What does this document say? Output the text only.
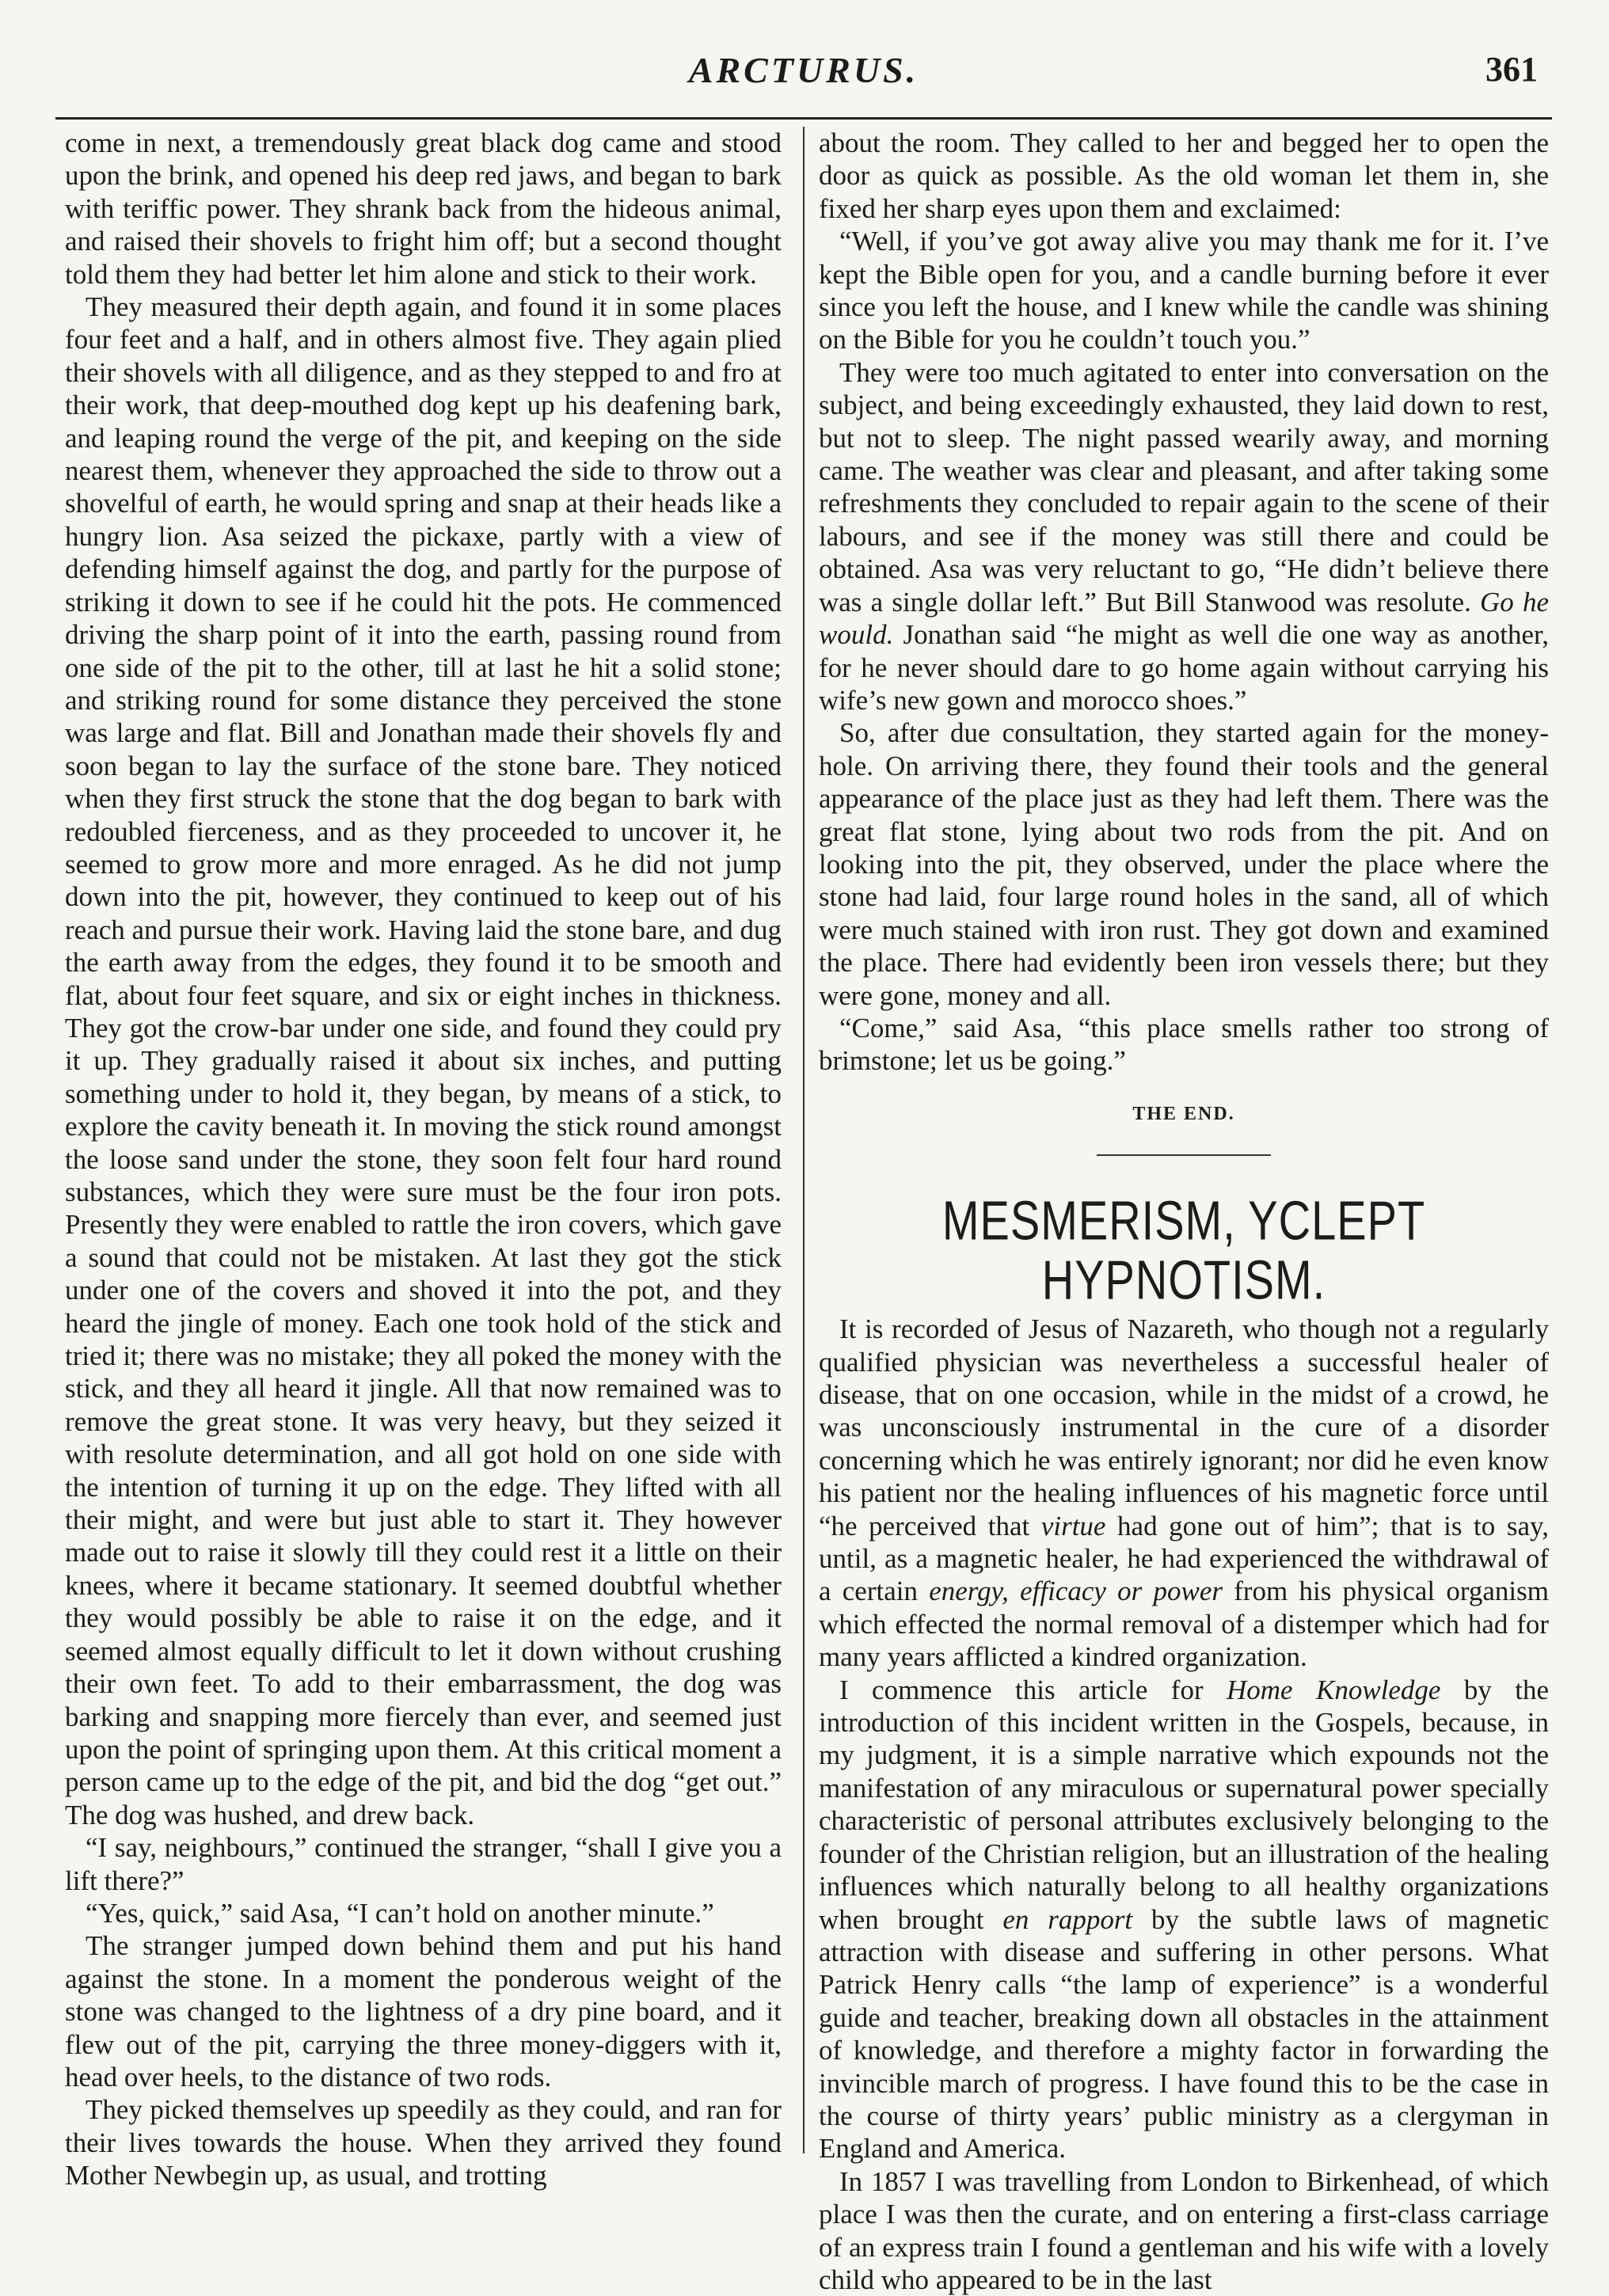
ARCTURUS.	361

come in next, a tremendously great black dog came and stood upon the brink, and opened his deep red jaws, and began to bark with teriffic power. They shrank back from the hideous animal, and raised their shovels to fright him off; but a second thought told them they had better let him alone and stick to their work.

They measured their depth again, and found it in some places four feet and a half, and in others almost five. They again plied their shovels with all diligence, and as they stepped to and fro at their work, that deep-mouthed dog kept up his deafening bark, and leaping round the verge of the pit, and keeping on the side nearest them, whenever they approached the side to throw out a shovelful of earth, he would spring and snap at their heads like a hungry lion. Asa seized the pickaxe, partly with a view of defending himself against the dog, and partly for the purpose of striking it down to see if he could hit the pots. He commenced driving the sharp point of it into the earth, passing round from one side of the pit to the other, till at last he hit a solid stone; and striking round for some distance they perceived the stone was large and flat. Bill and Jonathan made their shovels fly and soon began to lay the surface of the stone bare. They noticed when they first struck the stone that the dog began to bark with redoubled fierceness, and as they proceeded to uncover it, he seemed to grow more and more enraged. As he did not jump down into the pit, however, they continued to keep out of his reach and pursue their work. Having laid the stone bare, and dug the earth away from the edges, they found it to be smooth and flat, about four feet square, and six or eight inches in thickness. They got the crow-bar under one side, and found they could pry it up. They gradually raised it about six inches, and putting something under to hold it, they began, by means of a stick, to explore the cavity beneath it. In moving the stick round amongst the loose sand under the stone, they soon felt four hard round substances, which they were sure must be the four iron pots. Presently they were enabled to rattle the iron covers, which gave a sound that could not be mistaken. At last they got the stick under one of the covers and shoved it into the pot, and they heard the jingle of money. Each one took hold of the stick and tried it; there was no mistake; they all poked the money with the stick, and they all heard it jingle. All that now remained was to remove the great stone. It was very heavy, but they seized it with resolute determination, and all got hold on one side with the intention of turning it up on the edge. They lifted with all their might, and were but just able to start it. They however made out to raise it slowly till they could rest it a little on their knees, where it became stationary. It seemed doubtful whether they would possibly be able to raise it on the edge, and it seemed almost equally difficult to let it down without crushing their own feet. To add to their embarrassment, the dog was barking and snapping more fiercely than ever, and seemed just upon the point of springing upon them. At this critical moment a person came up to the edge of the pit, and bid the dog “get out.” The dog was hushed, and drew back.

“I say, neighbours,” continued the stranger, “shall I give you a lift there?”

“Yes, quick,” said Asa, “I can’t hold on another minute.”

The stranger jumped down behind them and put his hand against the stone. In a moment the ponderous weight of the stone was changed to the lightness of a dry pine board, and it flew out of the pit, carrying the three money-diggers with it, head over heels, to the distance of two rods.

They picked themselves up speedily as they could, and ran for their lives towards the house. When they arrived they found Mother Newbegin up, as usual, and trotting

about the room. They called to her and begged her to open the door as quick as possible. As the old woman let them in, she fixed her sharp eyes upon them and exclaimed:

“Well, if you’ve got away alive you may thank me for it. I’ve kept the Bible open for you, and a candle burning before it ever since you left the house, and I knew while the candle was shining on the Bible for you he couldn’t touch you.”

They were too much agitated to enter into conversation on the subject, and being exceedingly exhausted, they laid down to rest, but not to sleep. The night passed wearily away, and morning came. The weather was clear and pleasant, and after taking some refreshments they concluded to repair again to the scene of their labours, and see if the money was still there and could be obtained. Asa was very reluctant to go, “He didn’t believe there was a single dollar left.” But Bill Stanwood was resolute. Go he would. Jonathan said “he might as well die one way as another, for he never should dare to go home again without carrying his wife’s new gown and morocco shoes.”

So, after due consultation, they started again for the money-hole. On arriving there, they found their tools and the general appearance of the place just as they had left them. There was the great flat stone, lying about two rods from the pit. And on looking into the pit, they observed, under the place where the stone had laid, four large round holes in the sand, all of which were much stained with iron rust. They got down and examined the place. There had evidently been iron vessels there; but they were gone, money and all.

“Come,” said Asa, “this place smells rather too strong of brimstone; let us be going.”

THE END.
MESMERISM, YCLEPT HYPNOTISM.

It is recorded of Jesus of Nazareth, who though not a regularly qualified physician was nevertheless a successful healer of disease, that on one occasion, while in the midst of a crowd, he was unconsciously instrumental in the cure of a disorder concerning which he was entirely ignorant; nor did he even know his patient nor the healing influences of his magnetic force until “he perceived that virtue had gone out of him”; that is to say, until, as a magnetic healer, he had experienced the withdrawal of a certain energy, efficacy or power from his physical organism which effected the normal removal of a distemper which had for many years afflicted a kindred organization.

I commence this article for Home Knowledge by the introduction of this incident written in the Gospels, because, in my judgment, it is a simple narrative which expounds not the manifestation of any miraculous or supernatural power specially characteristic of personal attributes exclusively belonging to the founder of the Christian religion, but an illustration of the healing influences which naturally belong to all healthy organizations when brought en rapport by the subtle laws of magnetic attraction with disease and suffering in other persons. What Patrick Henry calls “the lamp of experience” is a wonderful guide and teacher, breaking down all obstacles in the attainment of knowledge, and therefore a mighty factor in forwarding the invincible march of progress. I have found this to be the case in the course of thirty years’ public ministry as a clergyman in England and America.

In 1857 I was travelling from London to Birkenhead, of which place I was then the curate, and on entering a first-class carriage of an express train I found a gentleman and his wife with a lovely child who appeared to be in the last
